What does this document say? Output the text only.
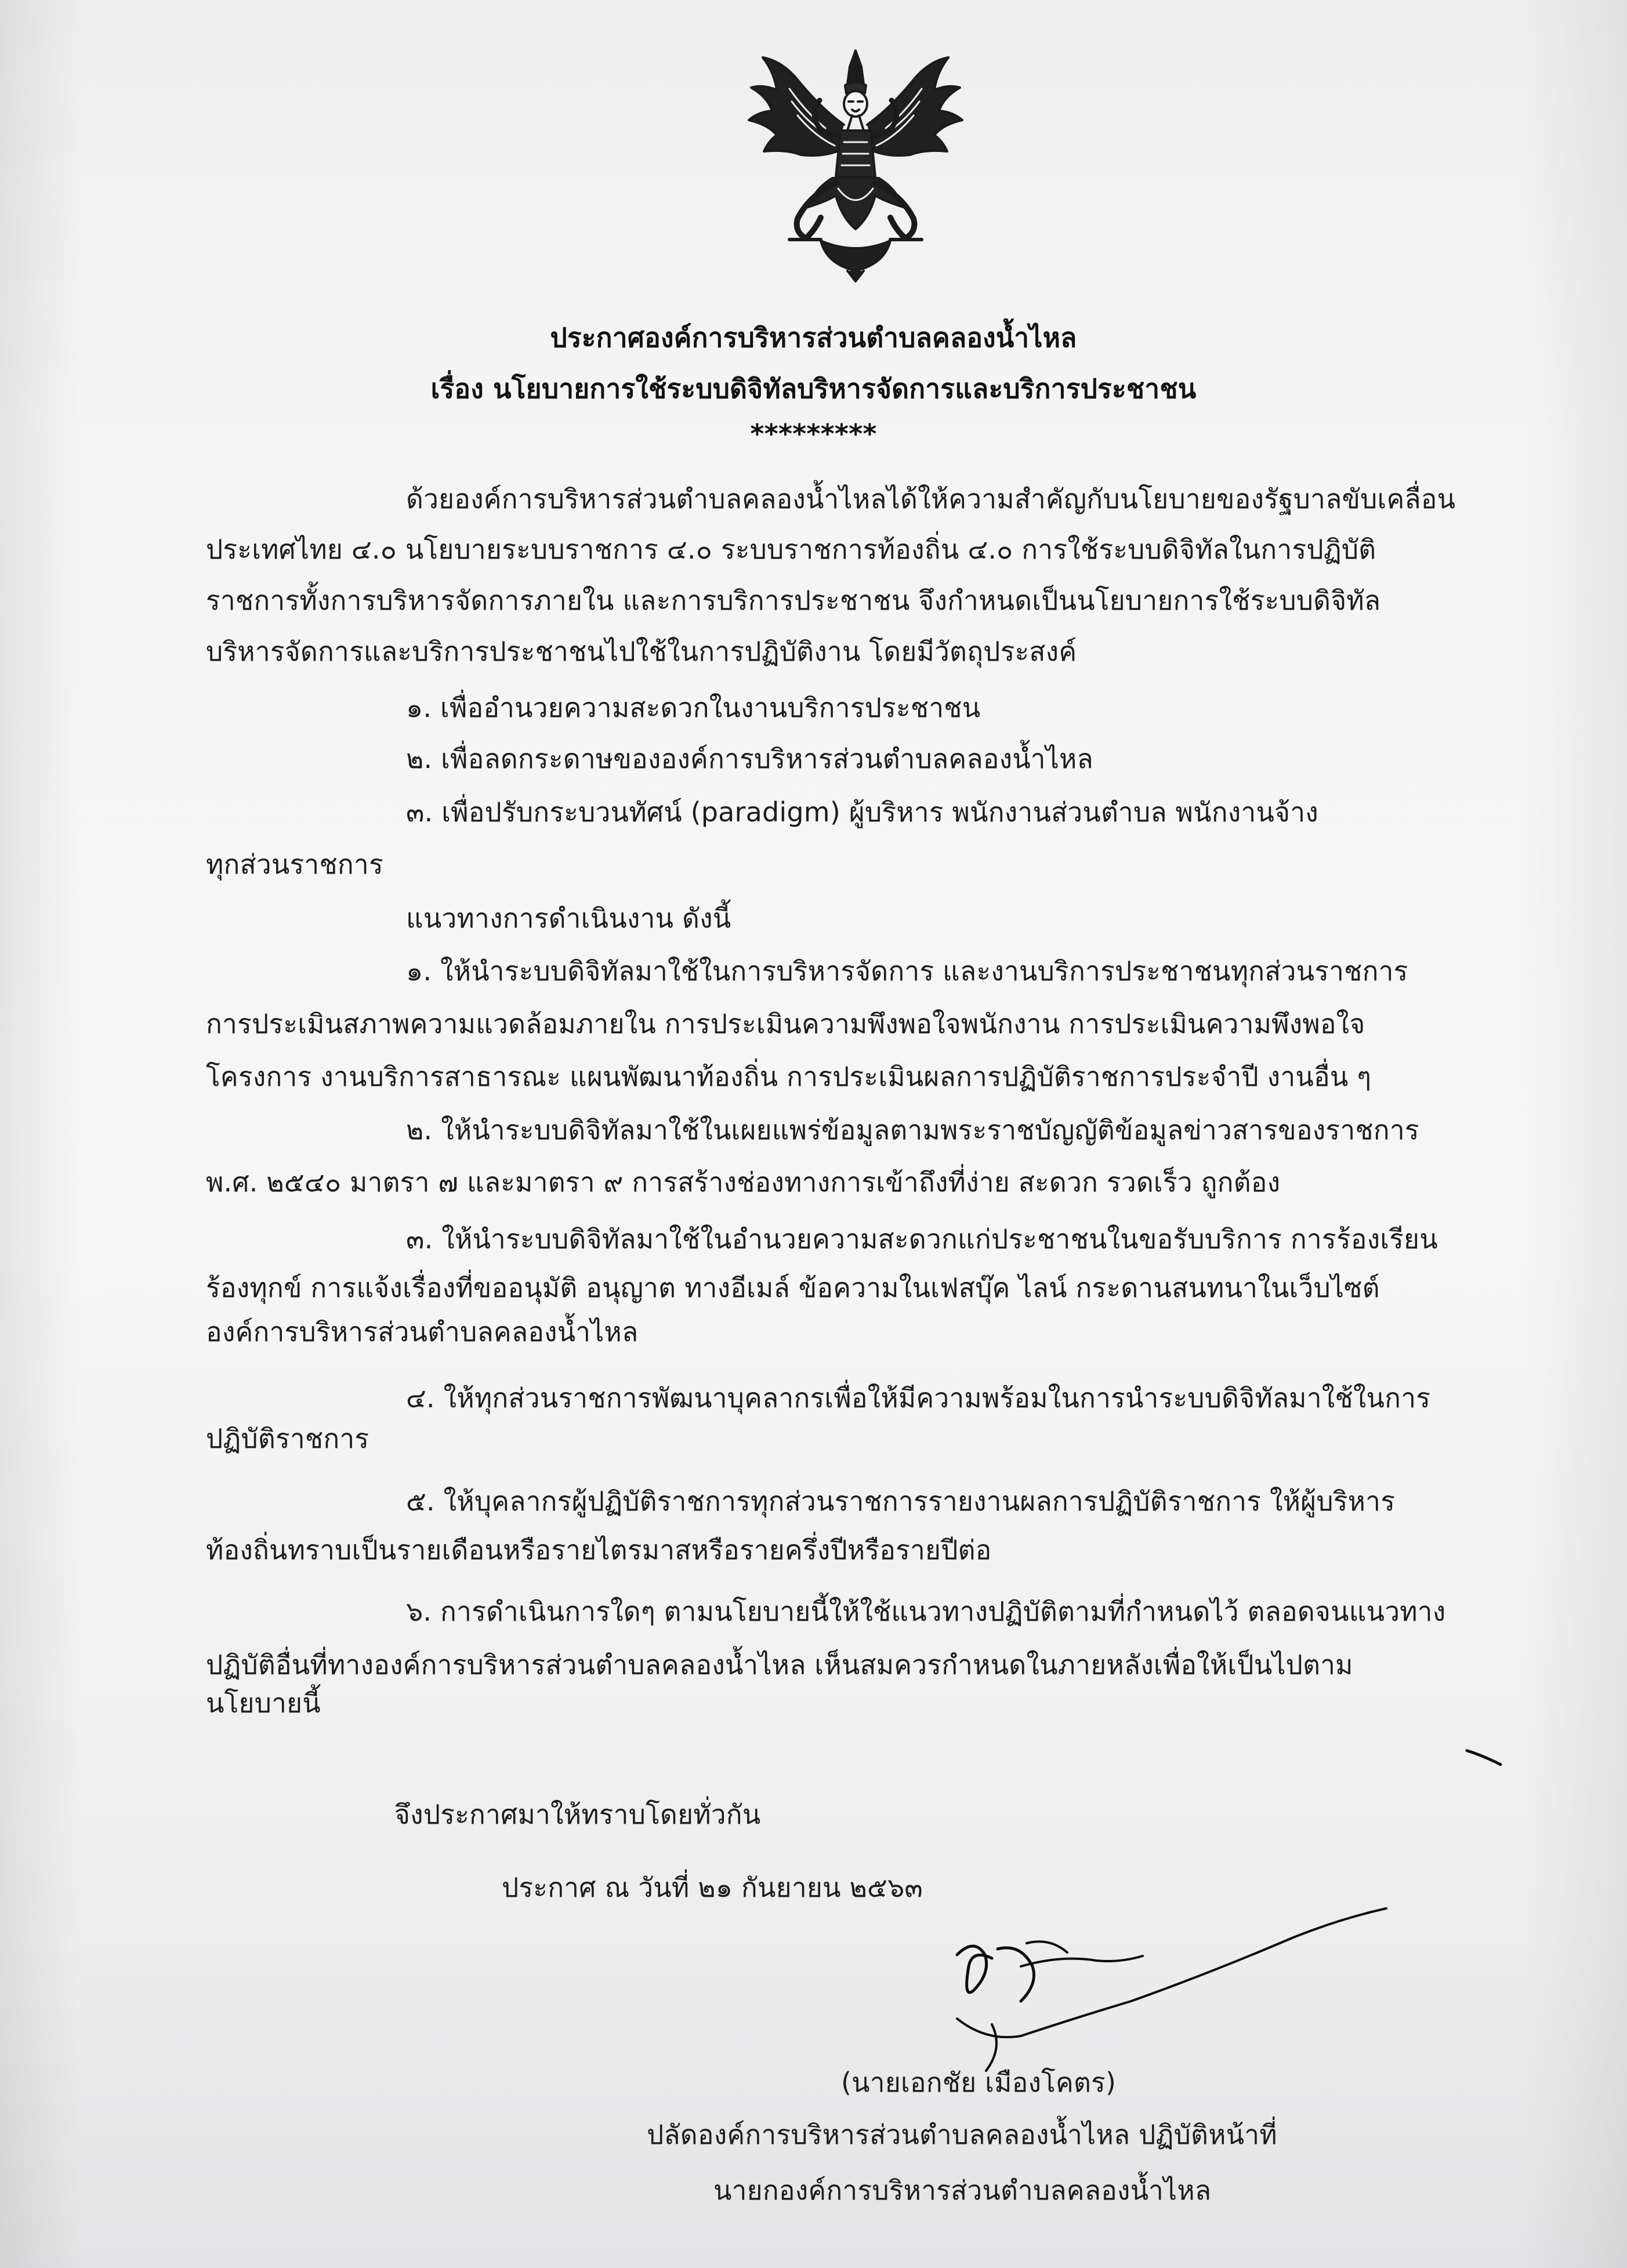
ประกาศองค์การบริหารส่วนตำบลคลองน้ำไหล
เรื่อง นโยบายการใช้ระบบดิจิทัลบริหารจัดการและบริการประชาชน
*********
ด้วยองค์การบริหารส่วนตำบลคลองน้ำไหลได้ให้ความสำคัญกับนโยบายของรัฐบาลขับเคลื่อน
ประเทศไทย ๔.๐ นโยบายระบบราชการ ๔.๐ ระบบราชการท้องถิ่น ๔.๐ การใช้ระบบดิจิทัลในการปฏิบัติ
ราชการทั้งการบริหารจัดการภายใน และการบริการประชาชน จึงกำหนดเป็นนโยบายการใช้ระบบดิจิทัล
บริหารจัดการและบริการประชาชนไปใช้ในการปฏิบัติงาน โดยมีวัตถุประสงค์
๑. เพื่ออำนวยความสะดวกในงานบริการประชาชน
๒. เพื่อลดกระดาษขององค์การบริหารส่วนตำบลคลองน้ำไหล
๓. เพื่อปรับกระบวนทัศน์ (paradigm) ผู้บริหาร พนักงานส่วนตำบล พนักงานจ้าง
ทุกส่วนราชการ
แนวทางการดำเนินงาน ดังนี้
๑. ให้นำระบบดิจิทัลมาใช้ในการบริหารจัดการ และงานบริการประชาชนทุกส่วนราชการ
การประเมินสภาพความแวดล้อมภายใน การประเมินความพึงพอใจพนักงาน การประเมินความพึงพอใจ
โครงการ งานบริการสาธารณะ แผนพัฒนาท้องถิ่น การประเมินผลการปฏิบัติราชการประจำปี งานอื่น ๆ
๒. ให้นำระบบดิจิทัลมาใช้ในเผยแพร่ข้อมูลตามพระราชบัญญัติข้อมูลข่าวสารของราชการ
พ.ศ. ๒๕๔๐ มาตรา ๗ และมาตรา ๙ การสร้างช่องทางการเข้าถึงที่ง่าย สะดวก รวดเร็ว ถูกต้อง
๓. ให้นำระบบดิจิทัลมาใช้ในอำนวยความสะดวกแก่ประชาชนในขอรับบริการ การร้องเรียน
ร้องทุกข์ การแจ้งเรื่องที่ขออนุมัติ อนุญาต ทางอีเมล์ ข้อความในเฟสบุ๊ค ไลน์ กระดานสนทนาในเว็บไซต์
องค์การบริหารส่วนตำบลคลองน้ำไหล
๔. ให้ทุกส่วนราชการพัฒนาบุคลากรเพื่อให้มีความพร้อมในการนำระบบดิจิทัลมาใช้ในการ
ปฏิบัติราชการ
๕. ให้บุคลากรผู้ปฏิบัติราชการทุกส่วนราชการรายงานผลการปฏิบัติราชการ ให้ผู้บริหาร
ท้องถิ่นทราบเป็นรายเดือนหรือรายไตรมาสหรือรายครึ่งปีหรือรายปีต่อ
๖. การดำเนินการใดๆ ตามนโยบายนี้ให้ใช้แนวทางปฏิบัติตามที่กำหนดไว้ ตลอดจนแนวทาง
ปฏิบัติอื่นที่ทางองค์การบริหารส่วนตำบลคลองน้ำไหล เห็นสมควรกำหนดในภายหลังเพื่อให้เป็นไปตาม
นโยบายนี้
จึงประกาศมาให้ทราบโดยทั่วกัน
ประกาศ ณ วันที่ ๒๑ กันยายน ๒๕๖๓
(นายเอกชัย เมืองโคตร)
ปลัดองค์การบริหารส่วนตำบลคลองน้ำไหล ปฏิบัติหน้าที่
นายกองค์การบริหารส่วนตำบลคลองน้ำไหล
